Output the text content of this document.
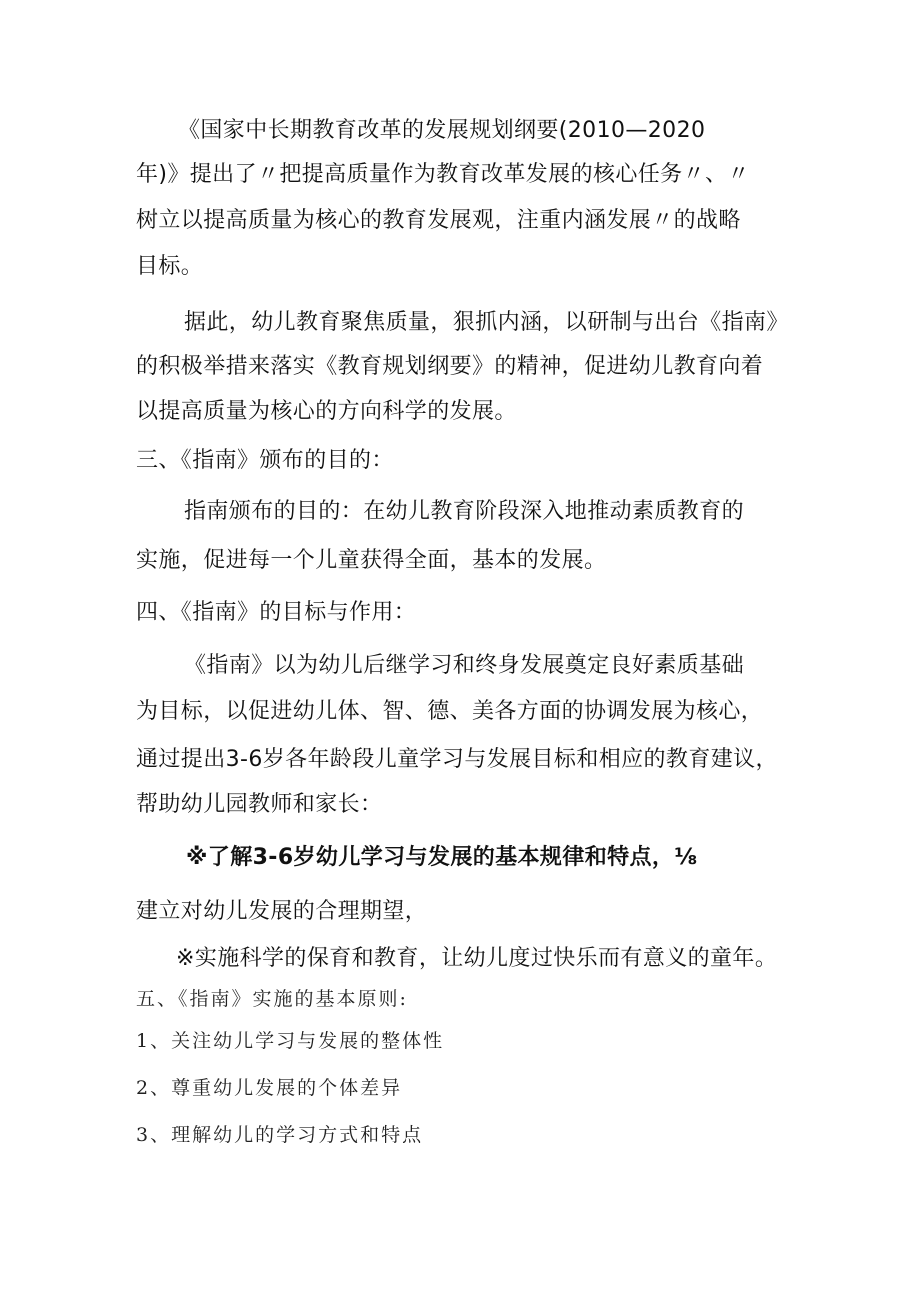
《国家中长期教育改革的发展规划纲要(2010—2020
年)》提出了〃把提高质量作为教育改革发展的核心任务〃、〃
树立以提高质量为核心的教育发展观，注重内涵发展〃的战略
目标。
据此，幼儿教育聚焦质量，狠抓内涵，以研制与出台《指南》
的积极举措来落实《教育规划纲要》的精神，促进幼儿教育向着
以提高质量为核心的方向科学的发展。
三、《指南》颁布的目的：
指南颁布的目的：在幼儿教育阶段深入地推动素质教育的
实施，促进每一个儿童获得全面，基本的发展。
四、《指南》的目标与作用：
《指南》以为幼儿后继学习和终身发展奠定良好素质基础
为目标，以促进幼儿体、智、德、美各方面的协调发展为核心，
通过提出3-6岁各年龄段儿童学习与发展目标和相应的教育建议，
帮助幼儿园教师和家长：
※了解3-6岁幼儿学习与发展的基本规律和特点，⅛
建立对幼儿发展的合理期望，
※实施科学的保育和教育，让幼儿度过快乐而有意义的童年。
五、《指南》实施的基本原则:
1、关注幼儿学习与发展的整体性
2、尊重幼儿发展的个体差异
3、理解幼儿的学习方式和特点
